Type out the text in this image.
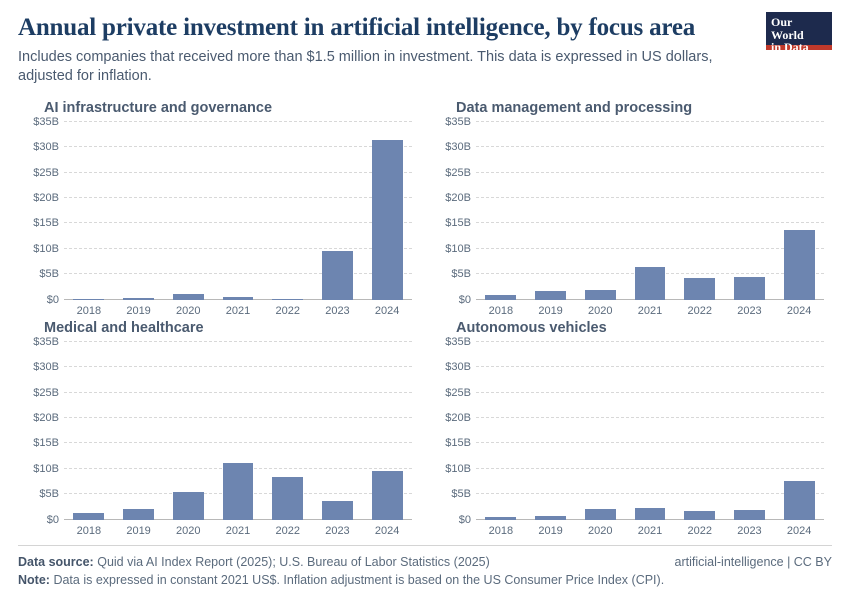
Annual private investment in artificial intelligence, by focus area

Includes companies that received more than $1.5 million in investment. This data is expressed in US dollars, adjusted for inflation.

Our World
in Data
AI infrastructure and governance
$0
$5B
$10B
$15B
$20B
$25B
$30B
$35B
2018	2019	2020	2021	2022	2023	2024
Data management and processing
$0
$5B
$10B
$15B
$20B
$25B
$30B
$35B
2018	2019	2020	2021	2022	2023	2024
Medical and healthcare
$0
$5B
$10B
$15B
$20B
$25B
$30B
$35B
2018	2019	2020	2021	2022	2023	2024
Autonomous vehicles
$0
$5B
$10B
$15B
$20B
$25B
$30B
$35B
2018	2019	2020	2021	2022	2023	2024
Data source: Quid via AI Index Report (2025); U.S. Bureau of Labor Statistics (2025)	artificial-intelligence | CC BY
Note: Data is expressed in constant 2021 US$. Inflation adjustment is based on the US Consumer Price Index (CPI).
